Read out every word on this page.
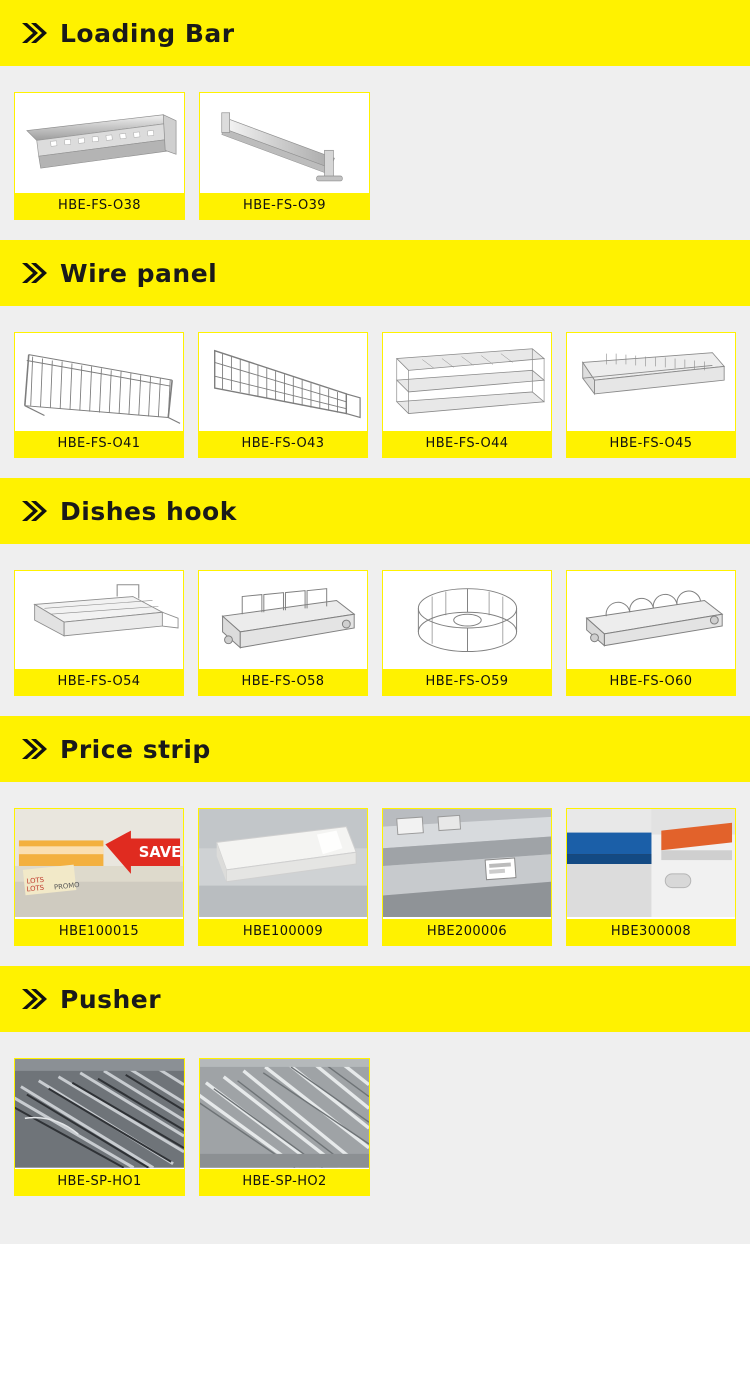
Loading Bar
HBE-FS-O38	HBE-FS-O39
Wire panel
HBE-FS-O41	HBE-FS-O43	HBE-FS-O44	HBE-FS-O45
Dishes hook
HBE-FS-O54	HBE-FS-O58	HBE-FS-O59	HBE-FS-O60
Price strip
SAVE
LOTS
LOTS PROMO
HBE100015	HBE100009	HBE200006	HBE300008
Pusher
HBE-SP-HO1	HBE-SP-HO2
